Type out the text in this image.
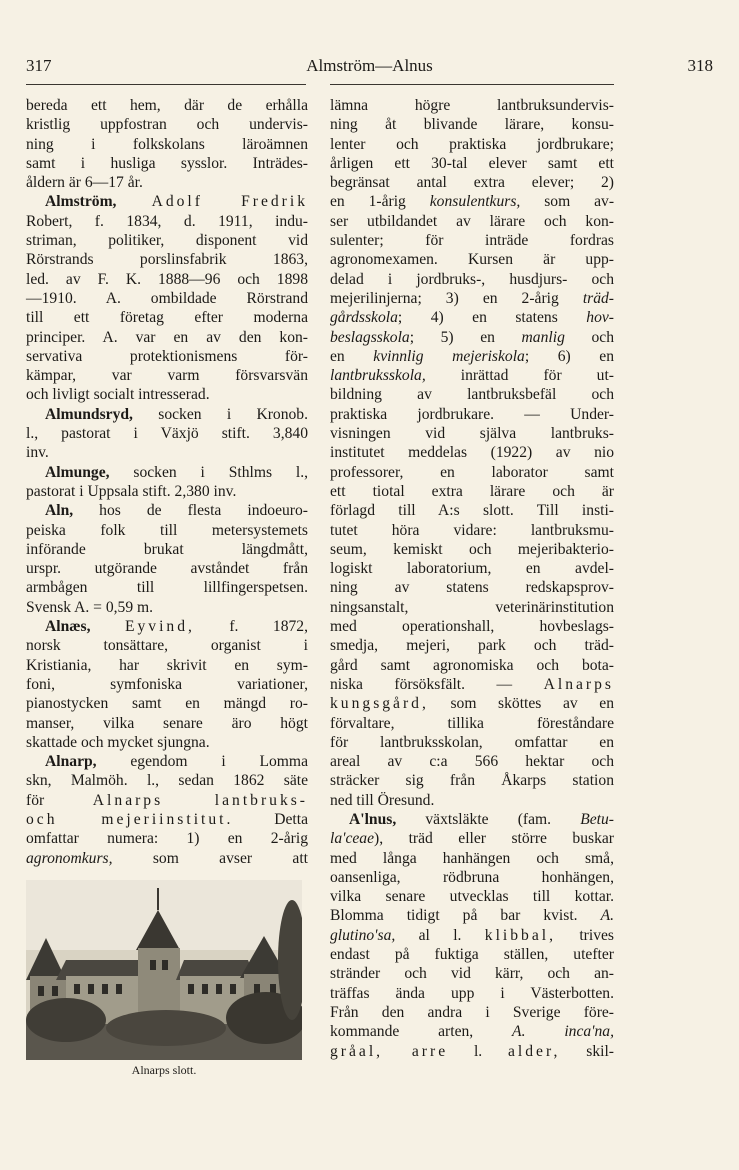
317	Almström—Alnus	318
bereda ett hem, där de erhålla
kristlig uppfostran och undervis-
ning i folkskolans läroämnen
samt i husliga sysslor. Inträdes-
åldern är 6—17 år.
Almström, Adolf Fredrik
Robert, f. 1834, d. 1911, indu-
striman, politiker, disponent vid
Rörstrands porslinsfabrik 1863,
led. av F. K. 1888—96 och 1898
—1910. A. ombildade Rörstrand
till ett företag efter moderna
principer. A. var en av den kon-
servativa protektionismens för-
kämpar, var varm försvarsvän
och livligt socialt intresserad.
Almundsryd, socken i Kronob.
l., pastorat i Växjö stift. 3,840
inv.
Almunge, socken i Sthlms l.,
pastorat i Uppsala stift. 2,380 inv.
Aln, hos de flesta indoeuro-
peiska folk till metersystemets
införande brukat längdmått,
urspr. utgörande avståndet från
armbågen till lillfingerspetsen.
Svensk A. = 0,59 m.
Alnæs, Eyvind, f. 1872,
norsk tonsättare, organist i
Kristiania, har skrivit en sym-
foni, symfoniska variationer,
pianostycken samt en mängd ro-
manser, vilka senare äro högt
skattade och mycket sjungna.
Alnarp, egendom i Lomma
skn, Malmöh. l., sedan 1862 säte
för Alnarps lantbruks-
och mejeriinstitut. Detta
omfattar numera: 1) en 2-årig
agronomkurs, som avser att
Alnarps slott.
lämna högre lantbruksundervis-
ning åt blivande lärare, konsu-
lenter och praktiska jordbrukare;
årligen ett 30-tal elever samt ett
begränsat antal extra elever; 2)
en 1-årig konsulentkurs, som av-
ser utbildandet av lärare och kon-
sulenter; för inträde fordras
agronomexamen. Kursen är upp-
delad i jordbruks-, husdjurs- och
mejerilinjerna; 3) en 2-årig träd-
gårdsskola; 4) en statens hov-
beslagsskola; 5) en manlig och
en kvinnlig mejeriskola; 6) en
lantbruksskola, inrättad för ut-
bildning av lantbruksbefäl och
praktiska jordbrukare. — Under-
visningen vid själva lantbruks-
institutet meddelas (1922) av nio
professorer, en laborator samt
ett tiotal extra lärare och är
förlagd till A:s slott. Till insti-
tutet höra vidare: lantbruksmu-
seum, kemiskt och mejeribakterio-
logiskt laboratorium, en avdel-
ning av statens redskapsprov-
ningsanstalt, veterinärinstitution
med operationshall, hovbeslags-
smedja, mejeri, park och träd-
gård samt agronomiska och bota-
niska försöksfält. — Alnarps
kungsgård, som sköttes av en
förvaltare, tillika föreståndare
för lantbruksskolan, omfattar en
areal av c:a 566 hektar och
sträcker sig från Åkarps station
ned till Öresund.
A'lnus, växtsläkte (fam. Betu-
la'ceae), träd eller större buskar
med långa hanhängen och små,
oansenliga, rödbruna honhängen,
vilka senare utvecklas till kottar.
Blomma tidigt på bar kvist. A.
glutino'sa, al l. klibbal, trives
endast på fuktiga ställen, utefter
stränder och vid kärr, och an-
träffas ända upp i Västerbotten.
Från den andra i Sverige före-
kommande arten, A. inca'na,
gråal, arre l. alder, skil-
